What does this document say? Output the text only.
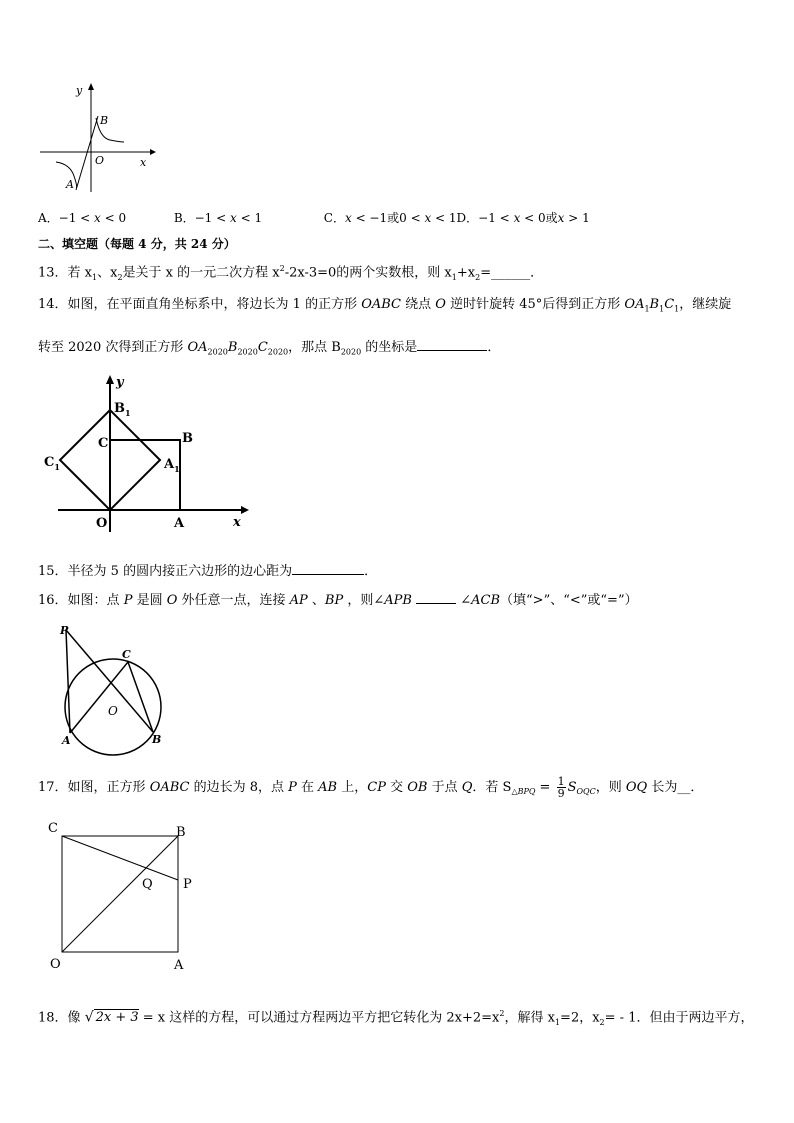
y
x
O
A
B
A．−1 < x < 0	B．−1 < x < 1	C．x < −1或0 < x < 1D．−1 < x < 0或x > 1
二、填空题（每题 4 分，共 24 分）
13．若 $x_1$、$x_2$是关于 x 的一元二次方程 $x^2-2x-3=0$的两个实数根，则 $x_1+x_2=\_\_\_\_\_\_$．
14．如图，在平面直角坐标系中，将边长为 1 的正方形 OABC 绕点 O 逆时针旋转 45°后得到正方形 $OA_1B_1C_1$，继续旋
转至 2020 次得到正方形 $OA_{2020}B_{2020}C_{2020}$，那点 $B_{2020}$ 的坐标是	．
y
x
$B_1$
B
C
$C_1$	$A_1$
O	A
15．半径为 5 的圆内接正六边形的边心距为	．
16．如图：点 P 是圆 O 外任意一点，连接 AP 、BP ，则∠APB	∠ACB（填“>”、“<”或“=”）
P
C
O
A	B
17．如图，正方形 OABC 的边长为 8，点 P 在 AB 上，CP 交 OB 于点 Q．若 $S_{\triangle BPQ} = \frac{1}{9} S_{OQC}$，则 OQ 长为__．
C	B
Q P
O	A
18．像 √ 2x + 3 = x 这样的方程，可以通过方程两边平方把它转化为 $2x+2=x^2$，解得 $x_1=2$，$x_2= - 1$．但由于两边平方，
